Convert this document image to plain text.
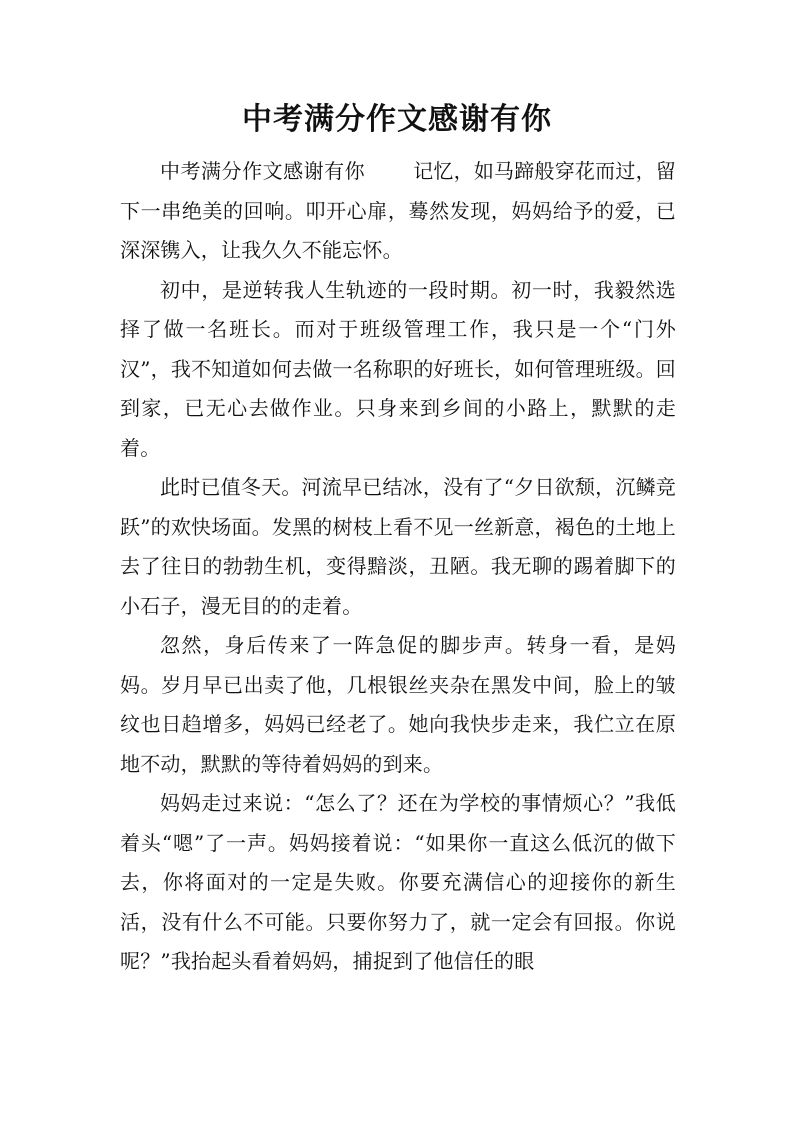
中考满分作文感谢有你

中考满分作文感谢有你 记忆，如马蹄般穿花而过，留下一串绝美的回响。叩开心扉，蓦然发现，妈妈给予的爱，已深深镌入，让我久久不能忘怀。

初中，是逆转我人生轨迹的一段时期。初一时，我毅然选择了做一名班长。而对于班级管理工作，我只是一个“门外汉”，我不知道如何去做一名称职的好班长，如何管理班级。回到家，已无心去做作业。只身来到乡间的小路上，默默的走着。

此时已值冬天。河流早已结冰，没有了“夕日欲颓，沉鳞竞跃”的欢快场面。发黑的树枝上看不见一丝新意，褐色的土地上去了往日的勃勃生机，变得黯淡，丑陋。我无聊的踢着脚下的小石子，漫无目的的走着。

忽然，身后传来了一阵急促的脚步声。转身一看，是妈妈。岁月早已出卖了他，几根银丝夹杂在黑发中间，脸上的皱纹也日趋增多，妈妈已经老了。她向我快步走来，我伫立在原地不动，默默的等待着妈妈的到来。

妈妈走过来说：“怎么了？还在为学校的事情烦心？”我低着头“嗯”了一声。妈妈接着说：“如果你一直这么低沉的做下去，你将面对的一定是失败。你要充满信心的迎接你的新生活，没有什么不可能。只要你努力了，就一定会有回报。你说呢？”我抬起头看着妈妈，捕捉到了他信任的眼
